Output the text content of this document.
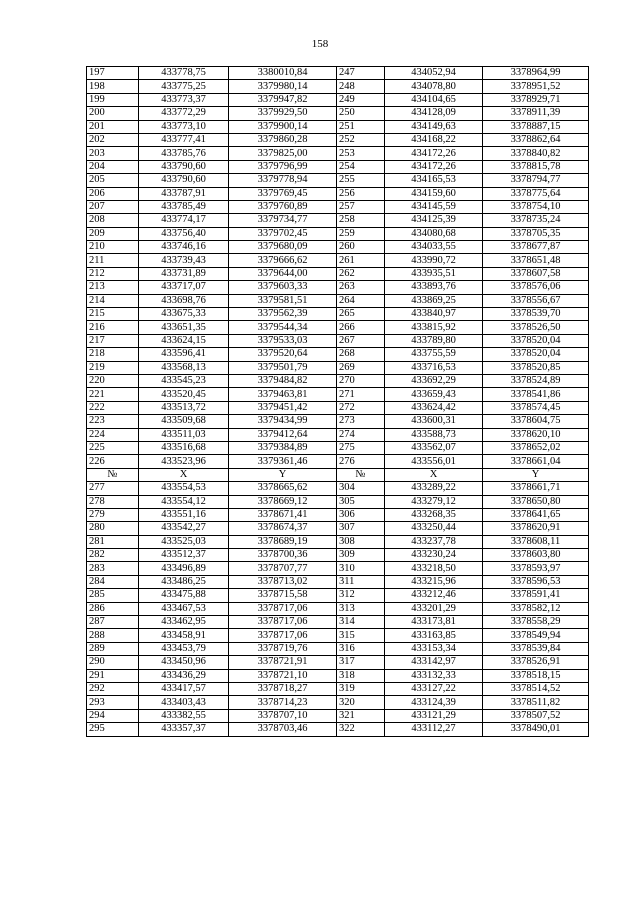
158
197	433778,75	3380010,84	247	434052,94	3378964,99
198	433775,25	3379980,14	248	434078,80	3378951,52
199	433773,37	3379947,82	249	434104,65	3378929,71
200	433772,29	3379929,50	250	434128,09	3378911,39
201	433773,10	3379900,14	251	434149,63	3378887,15
202	433777,41	3379860,28	252	434168,22	3378862,64
203	433785,76	3379825,00	253	434172,26	3378840,82
204	433790,60	3379796,99	254	434172,26	3378815,78
205	433790,60	3379778,94	255	434165,53	3378794,77
206	433787,91	3379769,45	256	434159,60	3378775,64
207	433785,49	3379760,89	257	434145,59	3378754,10
208	433774,17	3379734,77	258	434125,39	3378735,24
209	433756,40	3379702,45	259	434080,68	3378705,35
210	433746,16	3379680,09	260	434033,55	3378677,87
211	433739,43	3379666,62	261	433990,72	3378651,48
212	433731,89	3379644,00	262	433935,51	3378607,58
213	433717,07	3379603,33	263	433893,76	3378576,06
214	433698,76	3379581,51	264	433869,25	3378556,67
215	433675,33	3379562,39	265	433840,97	3378539,70
216	433651,35	3379544,34	266	433815,92	3378526,50
217	433624,15	3379533,03	267	433789,80	3378520,04
218	433596,41	3379520,64	268	433755,59	3378520,04
219	433568,13	3379501,79	269	433716,53	3378520,85
220	433545,23	3379484,82	270	433692,29	3378524,89
221	433520,45	3379463,81	271	433659,43	3378541,86
222	433513,72	3379451,42	272	433624,42	3378574,45
223	433509,68	3379434,99	273	433600,31	3378604,75
224	433511,03	3379412,64	274	433588,73	3378620,10
225	433516,68	3379384,89	275	433562,07	3378652,02
226	433523,96	3379361,46	276	433556,01	3378661,04
№	X	Y	№	X	Y
277	433554,53	3378665,62	304	433289,22	3378661,71
278	433554,12	3378669,12	305	433279,12	3378650,80
279	433551,16	3378671,41	306	433268,35	3378641,65
280	433542,27	3378674,37	307	433250,44	3378620,91
281	433525,03	3378689,19	308	433237,78	3378608,11
282	433512,37	3378700,36	309	433230,24	3378603,80
283	433496,89	3378707,77	310	433218,50	3378593,97
284	433486,25	3378713,02	311	433215,96	3378596,53
285	433475,88	3378715,58	312	433212,46	3378591,41
286	433467,53	3378717,06	313	433201,29	3378582,12
287	433462,95	3378717,06	314	433173,81	3378558,29
288	433458,91	3378717,06	315	433163,85	3378549,94
289	433453,79	3378719,76	316	433153,34	3378539,84
290	433450,96	3378721,91	317	433142,97	3378526,91
291	433436,29	3378721,10	318	433132,33	3378518,15
292	433417,57	3378718,27	319	433127,22	3378514,52
293	433403,43	3378714,23	320	433124,39	3378511,82
294	433382,55	3378707,10	321	433121,29	3378507,52
295	433357,37	3378703,46	322	433112,27	3378490,01
